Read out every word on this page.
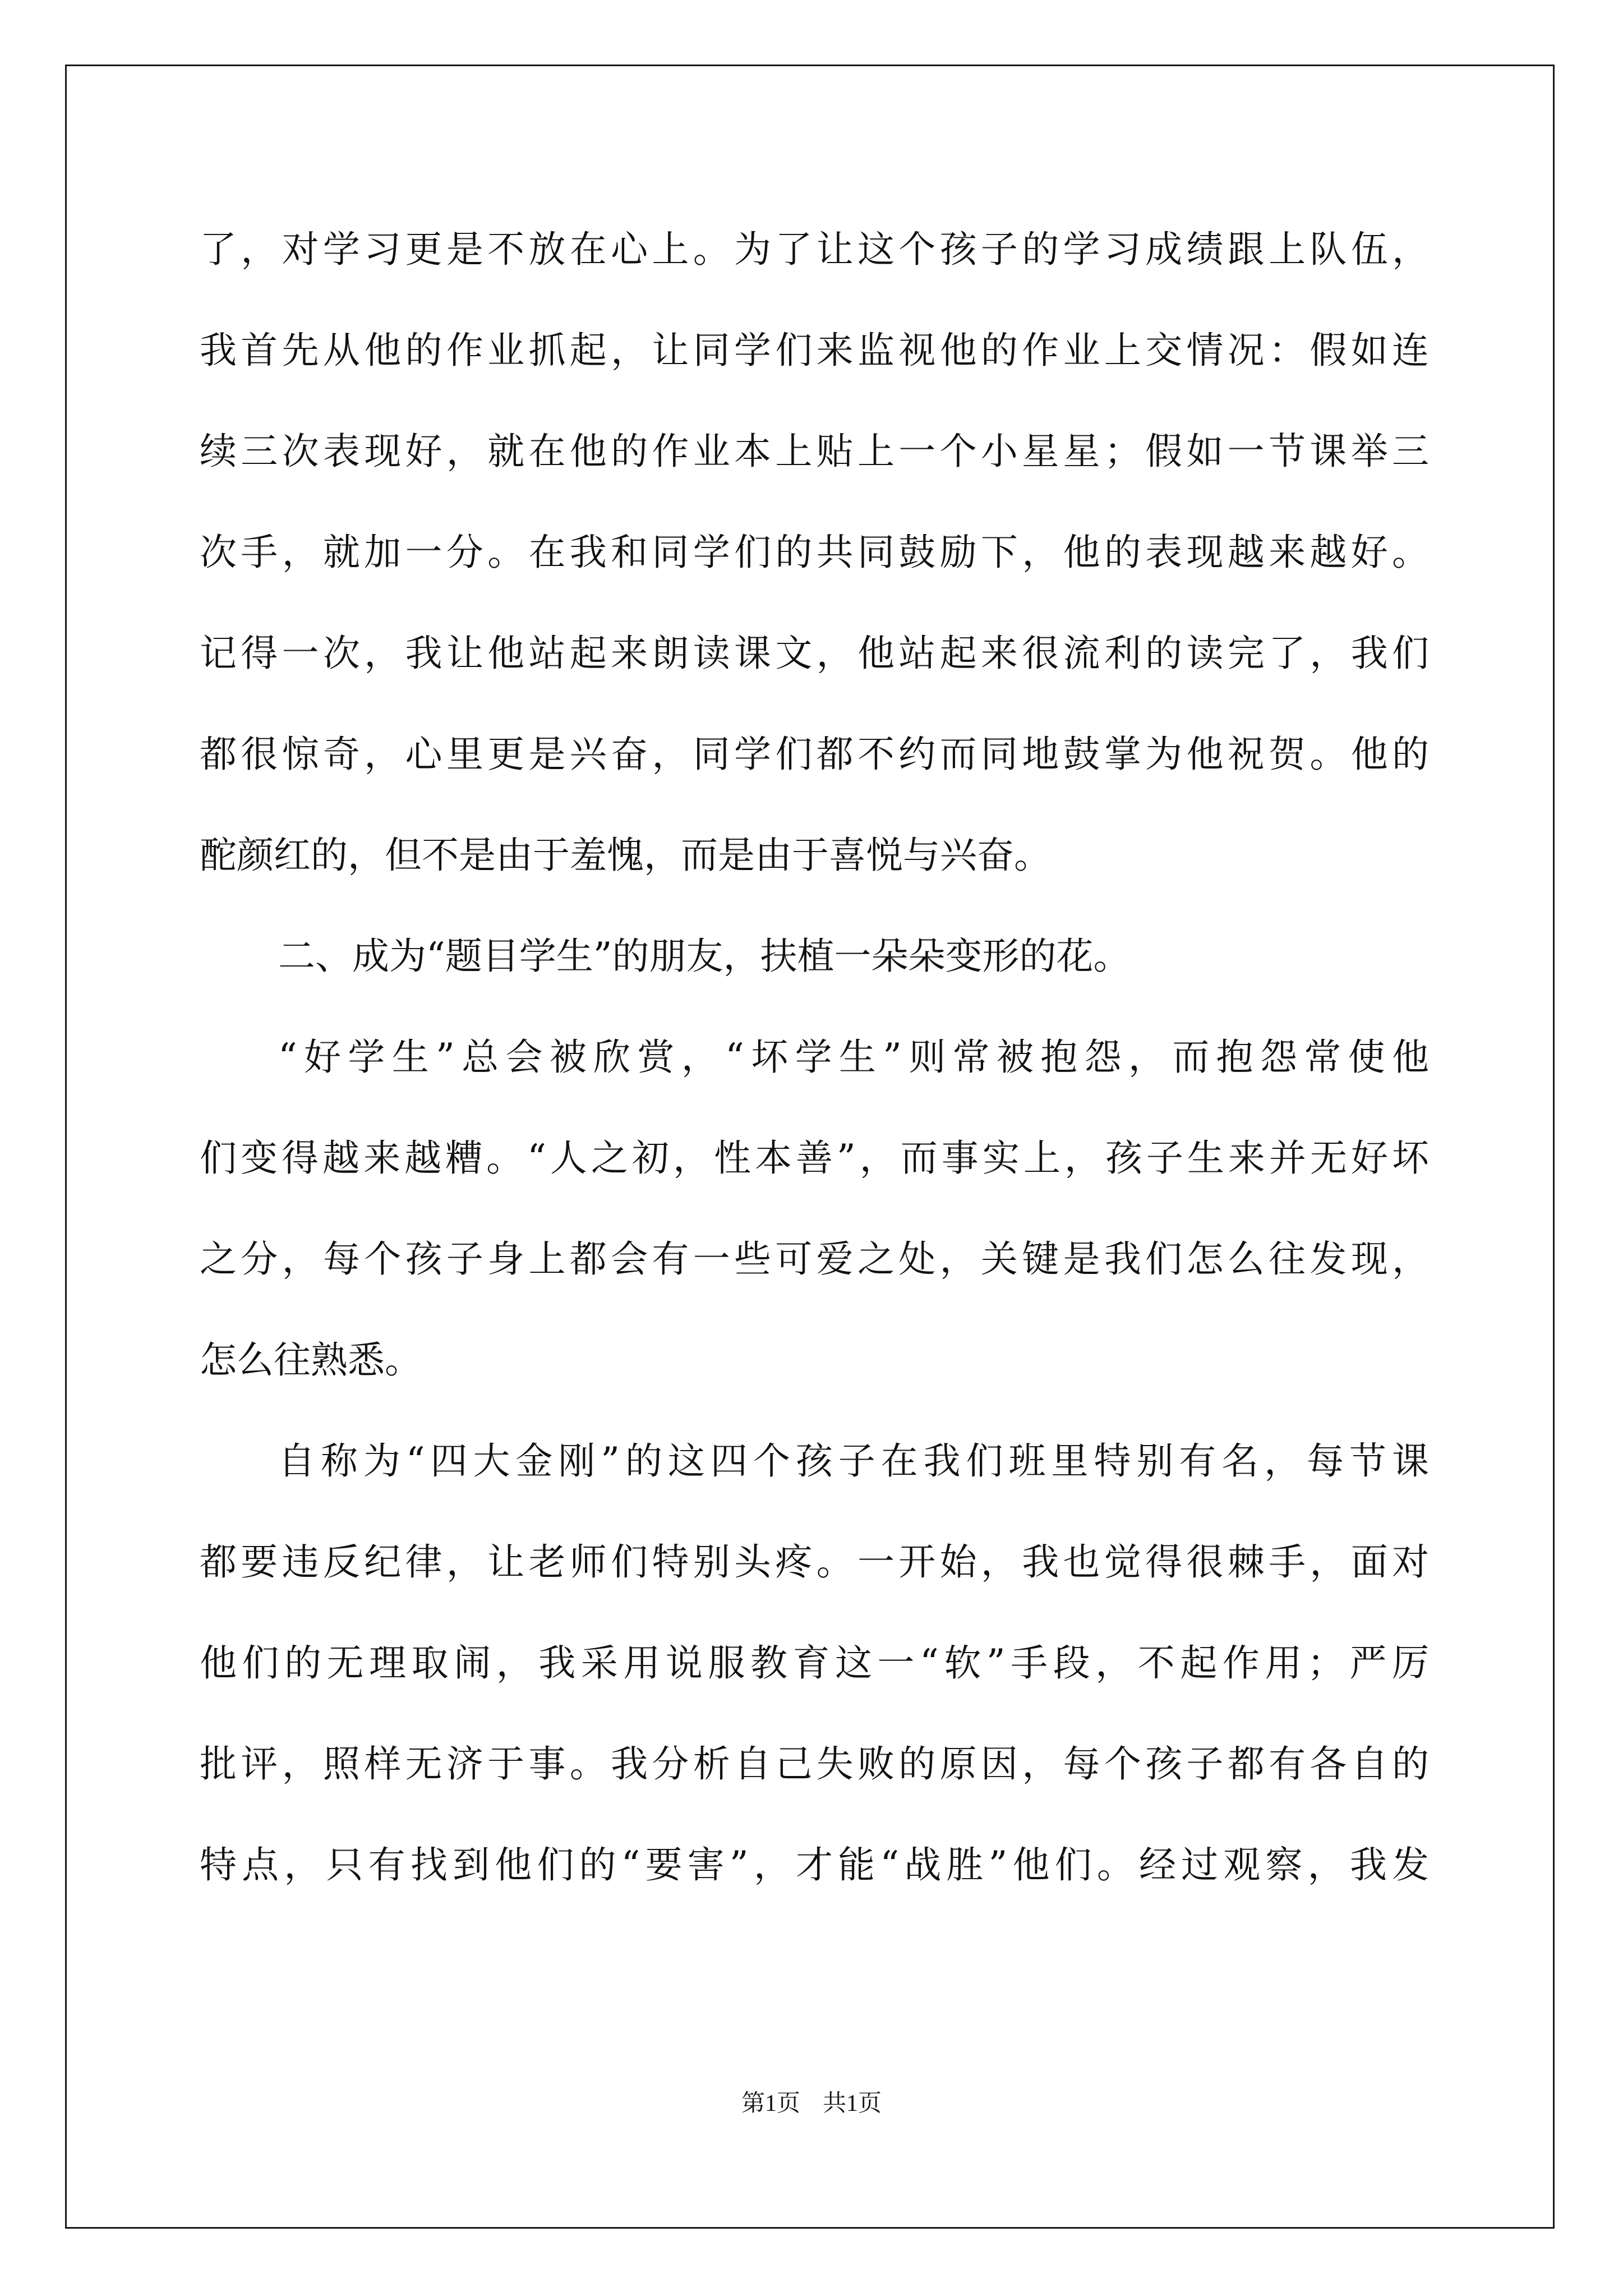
了，对学习更是不放在心上。为了让这个孩子的学习成绩跟上队伍，
我首先从他的作业抓起，让同学们来监视他的作业上交情况：假如连
续三次表现好，就在他的作业本上贴上一个小星星；假如一节课举三
次手，就加一分。在我和同学们的共同鼓励下，他的表现越来越好。
记得一次，我让他站起来朗读课文，他站起来很流利的读完了，我们
都很惊奇，心里更是兴奋，同学们都不约而同地鼓掌为他祝贺。他的
酡颜红的，但不是由于羞愧，而是由于喜悦与兴奋。
二、成为“题目学生”的朋友，扶植一朵朵变形的花。
“好学生”总会被欣赏，“坏学生”则常被抱怨，而抱怨常使他
们变得越来越糟。“人之初，性本善”，而事实上，孩子生来并无好坏
之分，每个孩子身上都会有一些可爱之处，关键是我们怎么往发现，
怎么往熟悉。
自称为“四大金刚”的这四个孩子在我们班里特别有名，每节课
都要违反纪律，让老师们特别头疼。一开始，我也觉得很棘手，面对
他们的无理取闹，我采用说服教育这一“软”手段，不起作用；严厉
批评，照样无济于事。我分析自己失败的原因，每个孩子都有各自的
特点，只有找到他们的“要害”，才能“战胜”他们。经过观察，我发
第1页 共1页
